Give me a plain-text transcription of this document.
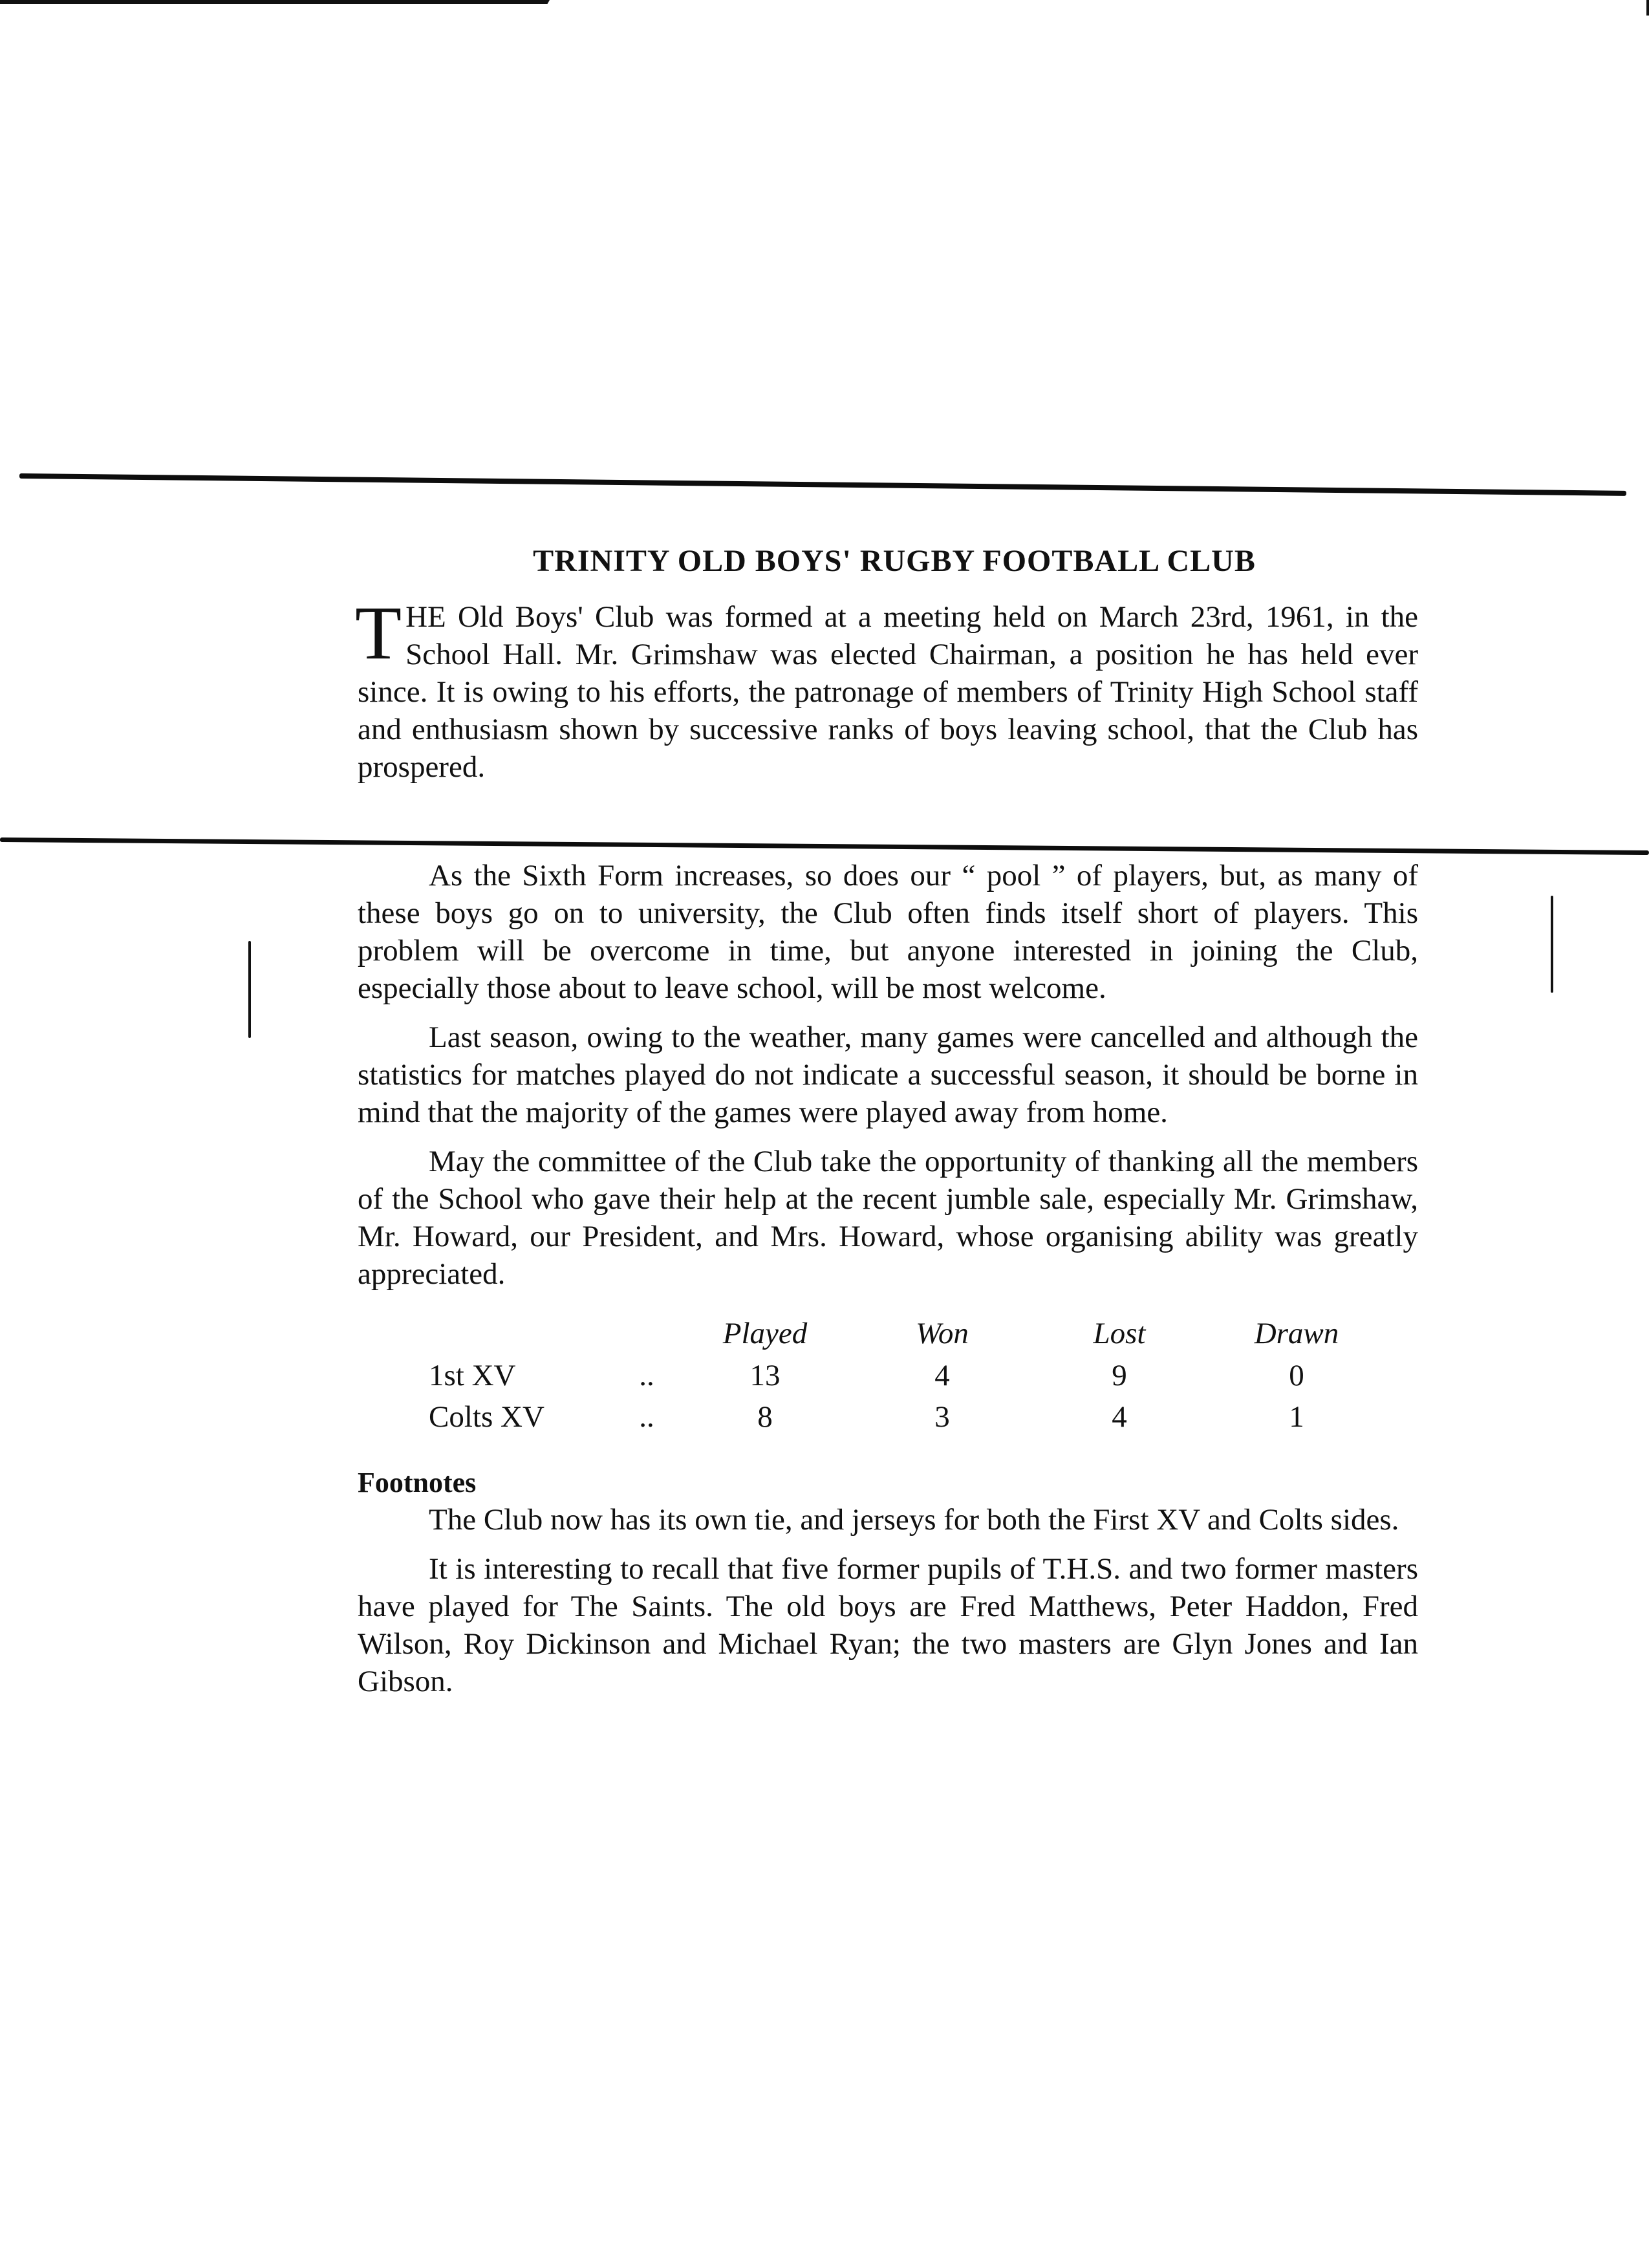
TRINITY OLD BOYS' RUGBY FOOTBALL CLUB

THE Old Boys' Club was formed at a meeting held on March 23rd, 1961, in the School Hall. Mr. Grimshaw was elected Chairman, a position he has held ever since. It is owing to his efforts, the patronage of members of Trinity High School staff and enthusiasm shown by successive ranks of boys leaving school, that the Club has prospered.

As the Sixth Form increases, so does our “ pool ” of players, but, as many of these boys go on to university, the Club often finds itself short of players. This problem will be overcome in time, but anyone interested in joining the Club, especially those about to leave school, will be most welcome.

Last season, owing to the weather, many games were cancelled and although the statistics for matches played do not indicate a successful season, it should be borne in mind that the majority of the games were played away from home.

May the committee of the Club take the opportunity of thanking all the members of the School who gave their help at the recent jumble sale, especially Mr. Grimshaw, Mr. Howard, our President, and Mrs. Howard, whose organising ability was greatly appreciated.

		Played	Won	Lost	Drawn
1st XV	..	13	4	9	0
Colts XV	..	8	3	4	1
Footnotes

The Club now has its own tie, and jerseys for both the First XV and Colts sides.

It is interesting to recall that five former pupils of T.H.S. and two former masters have played for The Saints. The old boys are Fred Matthews, Peter Haddon, Fred Wilson, Roy Dickinson and Michael Ryan; the two masters are Glyn Jones and Ian Gibson.
